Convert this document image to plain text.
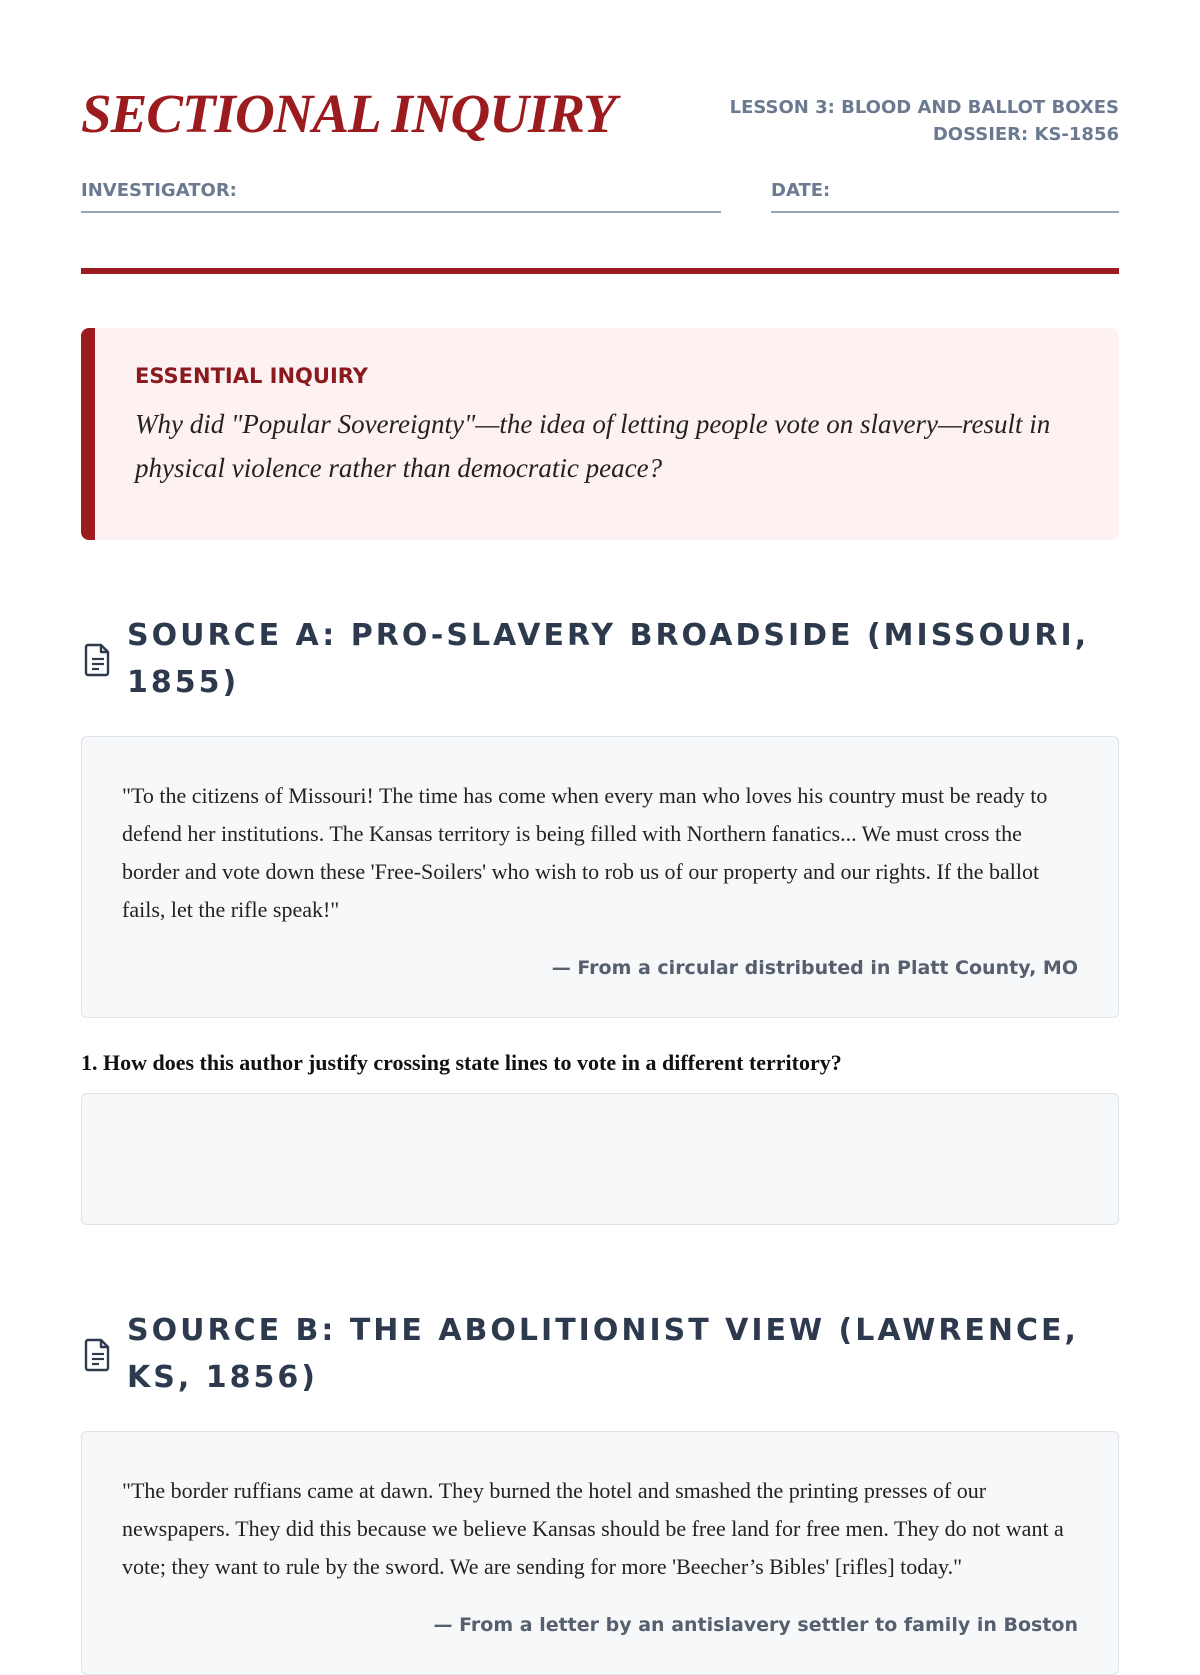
SECTIONAL INQUIRY	LESSON 3: BLOOD AND BALLOT BOXES
DOSSIER: KS-1856
INVESTIGATOR:	DATE:
ESSENTIAL INQUIRY
Why did "Popular Sovereignty"—the idea of letting people vote on slavery—result in physical violence rather than democratic peace?
SOURCE A: PRO-SLAVERY BROADSIDE (MISSOURI, 1855)
"To the citizens of Missouri! The time has come when every man who loves his country must be ready to defend her institutions. The Kansas territory is being filled with Northern fanatics... We must cross the border and vote down these 'Free-Soilers' who wish to rob us of our property and our rights. If the ballot fails, let the rifle speak!"
— From a circular distributed in Platt County, MO
1. How does this author justify crossing state lines to vote in a different territory?
SOURCE B: THE ABOLITIONIST VIEW (LAWRENCE, KS, 1856)
"The border ruffians came at dawn. They burned the hotel and smashed the printing presses of our newspapers. They did this because we believe Kansas should be free land for free men. They do not want a vote; they want to rule by the sword. We are sending for more 'Beecher’s Bibles' [rifles] today."
— From a letter by an antislavery settler to family in Boston
